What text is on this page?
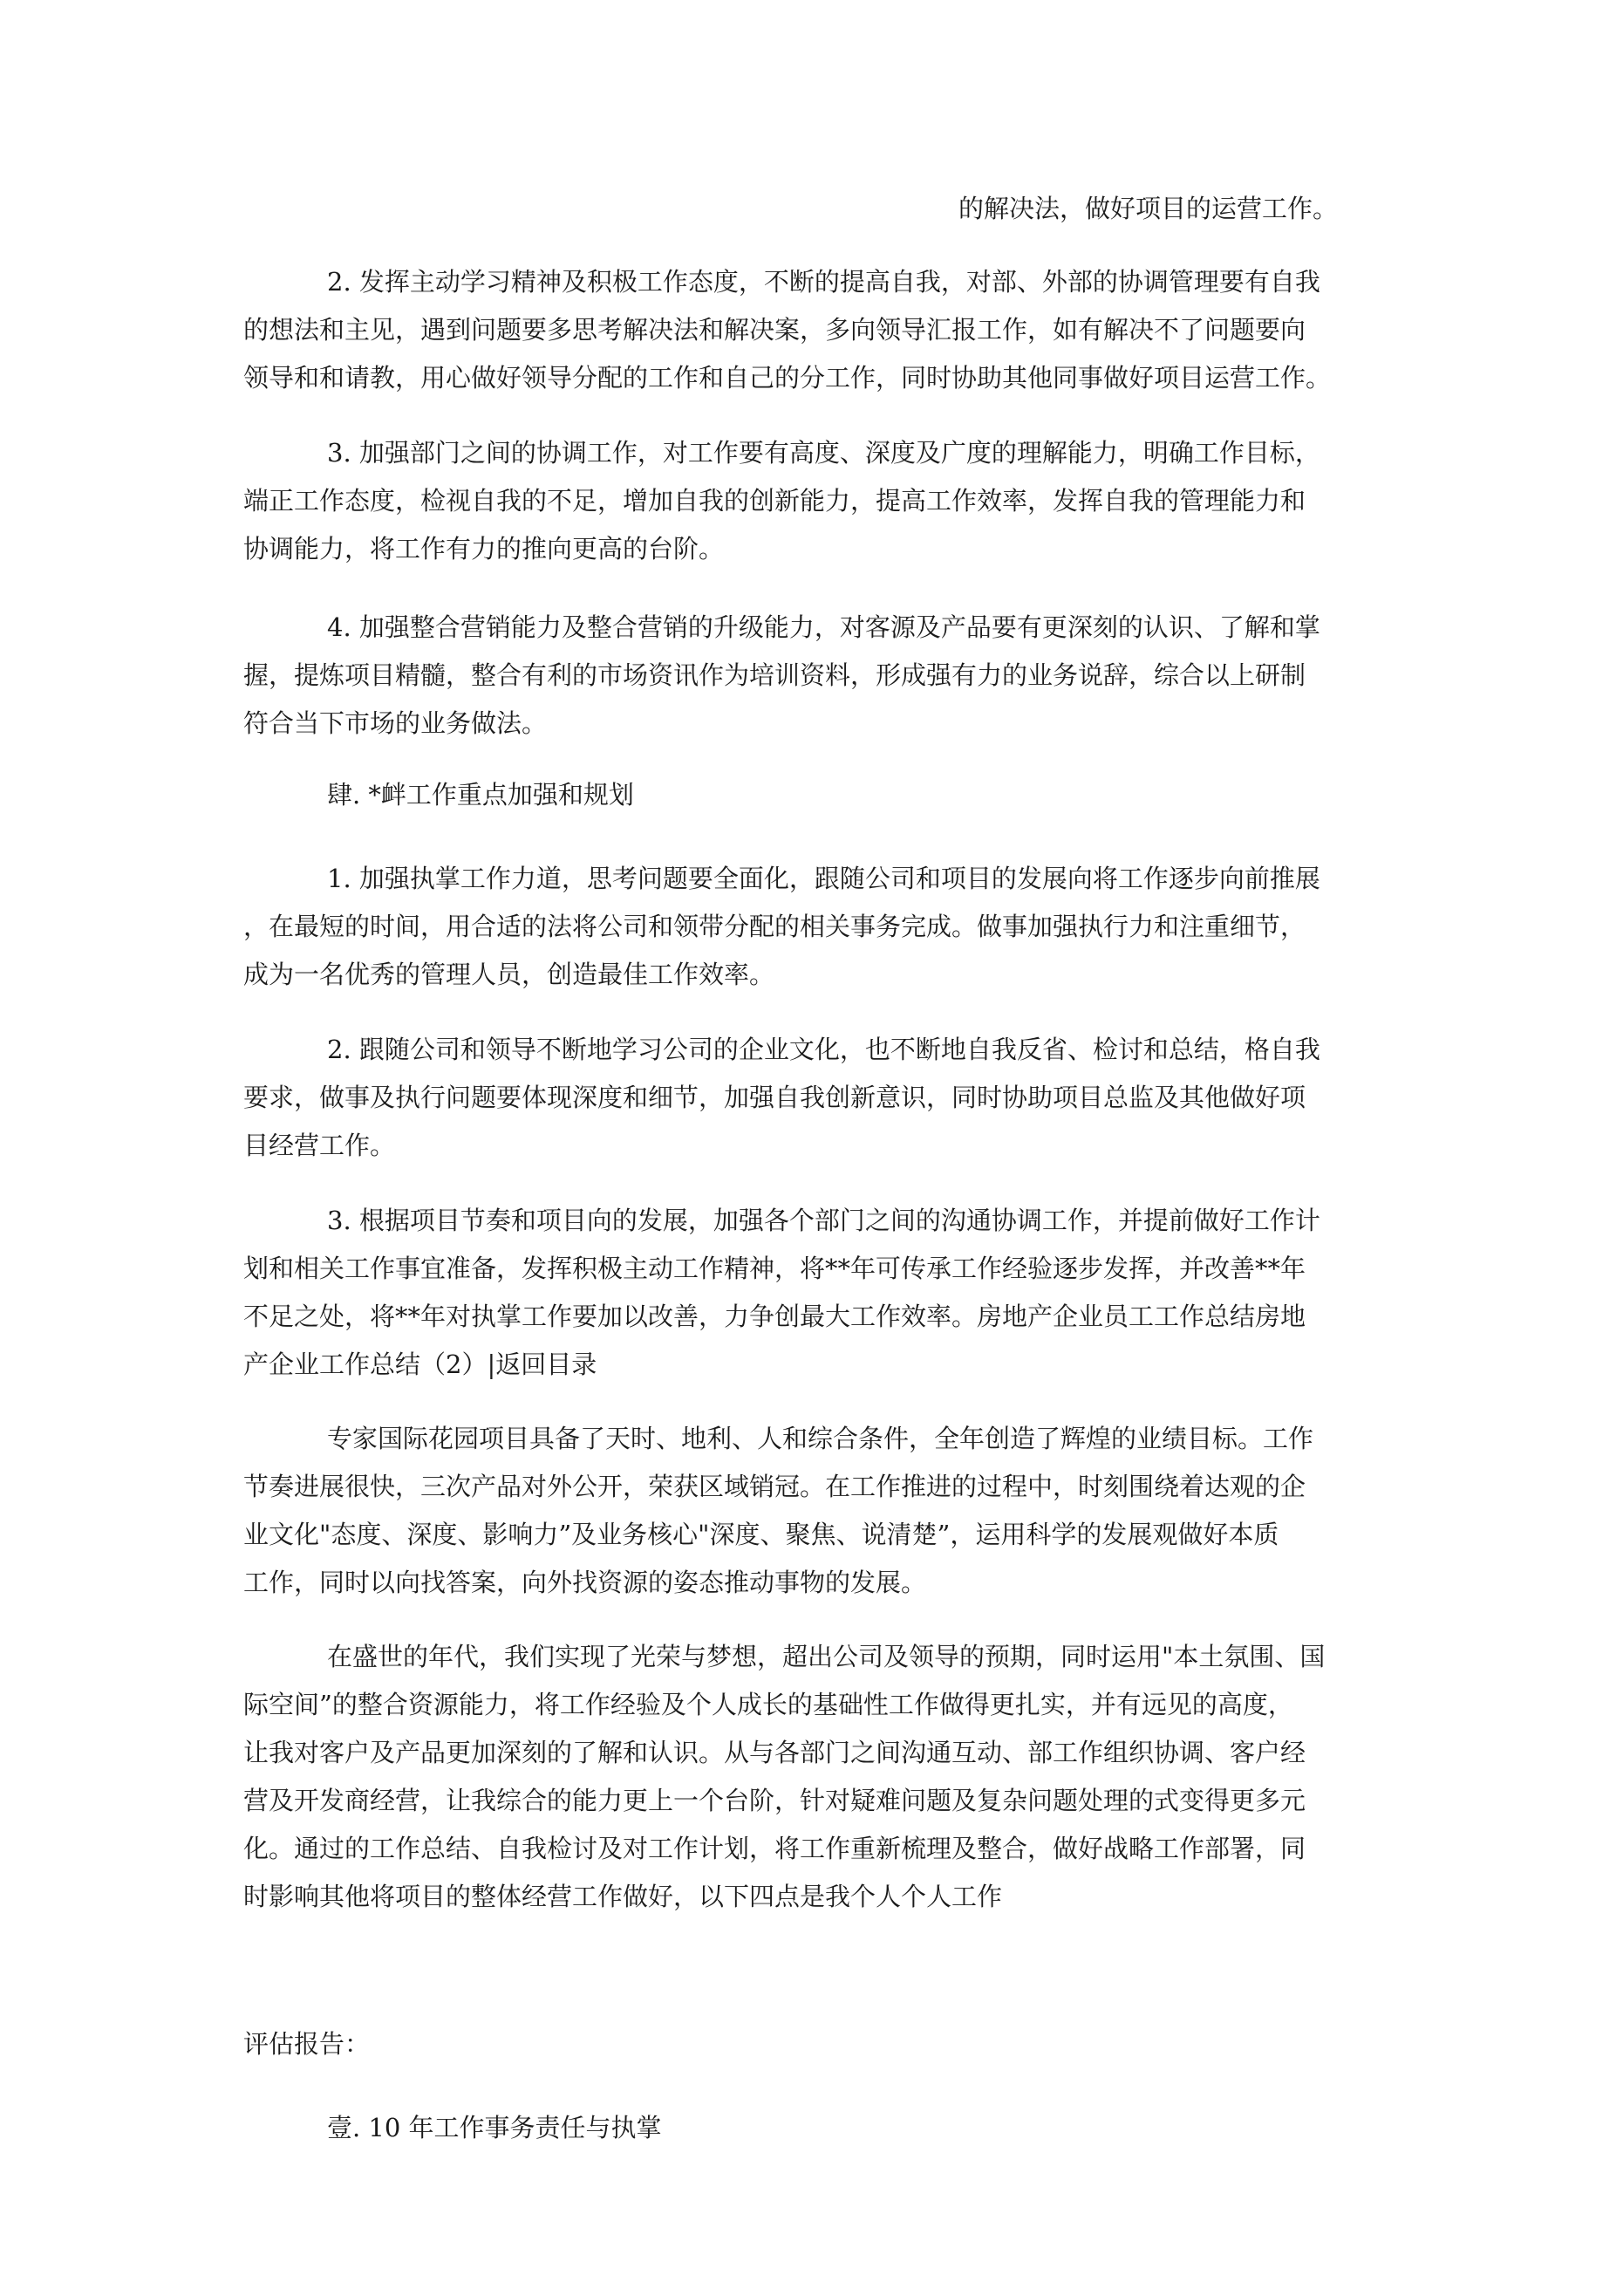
的解决法，做好项目的运营工作。

2. 发挥主动学习精神及积极工作态度，不断的提高自我，对部、外部的协调管理要有自我
的想法和主见，遇到问题要多思考解决法和解决案，多向领导汇报工作，如有解决不了问题要向
领导和和请教，用心做好领导分配的工作和自己的分工作，同时协助其他同事做好项目运营工作。

3. 加强部门之间的协调工作，对工作要有高度、深度及广度的理解能力，明确工作目标，
端正工作态度，检视自我的不足，增加自我的创新能力，提高工作效率，发挥自我的管理能力和
协调能力，将工作有力的推向更高的台阶。

4. 加强整合营销能力及整合营销的升级能力，对客源及产品要有更深刻的认识、了解和掌
握，提炼项目精髓，整合有利的市场资讯作为培训资料，形成强有力的业务说辞，综合以上研制
符合当下市场的业务做法。

肆. *衅工作重点加强和规划

1. 加强执掌工作力道，思考问题要全面化，跟随公司和项目的发展向将工作逐步向前推展
，在最短的时间，用合适的法将公司和领带分配的相关事务完成。做事加强执行力和注重细节，
成为一名优秀的管理人员，创造最佳工作效率。

2. 跟随公司和领导不断地学习公司的企业文化，也不断地自我反省、检讨和总结，格自我
要求，做事及执行问题要体现深度和细节，加强自我创新意识，同时协助项目总监及其他做好项
目经营工作。

3. 根据项目节奏和项目向的发展，加强各个部门之间的沟通协调工作，并提前做好工作计
划和相关工作事宜准备，发挥积极主动工作精神，将**年可传承工作经验逐步发挥，并改善**年
不足之处，将**年对执掌工作要加以改善，力争创最大工作效率。房地产企业员工工作总结房地
产企业工作总结（2）|返回目录

专家国际花园项目具备了天时、地利、人和综合条件，全年创造了辉煌的业绩目标。工作
节奏进展很快，三次产品对外公开，荣获区域销冠。在工作推进的过程中，时刻围绕着达观的企
业文化"态度、深度、影响力”及业务核心"深度、聚焦、说清楚”，运用科学的发展观做好本质
工作，同时以向找答案，向外找资源的姿态推动事物的发展。

在盛世的年代，我们实现了光荣与梦想，超出公司及领导的预期，同时运用"本土氛围、国
际空间”的整合资源能力，将工作经验及个人成长的基础性工作做得更扎实，并有远见的高度，
让我对客户及产品更加深刻的了解和认识。从与各部门之间沟通互动、部工作组织协调、客户经
营及开发商经营，让我综合的能力更上一个台阶，针对疑难问题及复杂问题处理的式变得更多元
化。通过的工作总结、自我检讨及对工作计划，将工作重新梳理及整合，做好战略工作部署，同
时影响其他将项目的整体经营工作做好，以下四点是我个人个人工作

评估报告：

壹. 10 年工作事务责任与执掌
